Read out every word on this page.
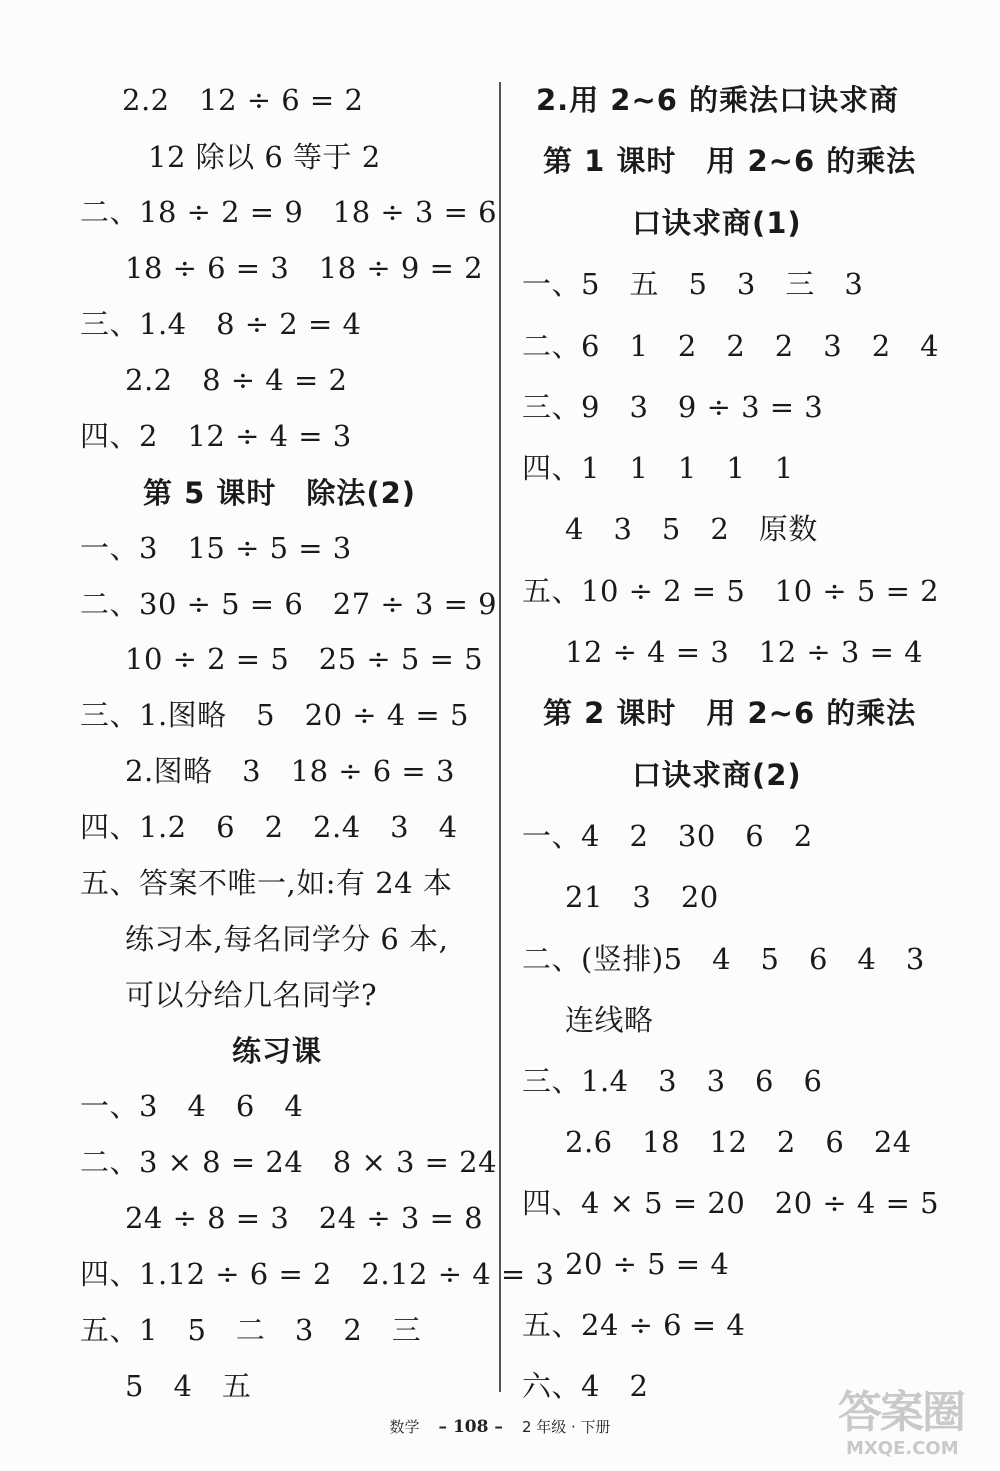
2.2　12 ÷ 6 = 2
12 除以 6 等于 2
二、18 ÷ 2 = 9　18 ÷ 3 = 6
18 ÷ 6 = 3　18 ÷ 9 = 2
三、1.4　8 ÷ 2 = 4
2.2　8 ÷ 4 = 2
四、2　12 ÷ 4 = 3
第 5 课时　除法(2)
一、3　15 ÷ 5 = 3
二、30 ÷ 5 = 6　27 ÷ 3 = 9
10 ÷ 2 = 5　25 ÷ 5 = 5
三、1.图略　5　20 ÷ 4 = 5
2.图略　3　18 ÷ 6 = 3
四、1.2　6　2　2.4　3　4
五、答案不唯一,如:有 24 本
练习本,每名同学分 6 本,
可以分给几名同学?
练习课
一、3　4　6　4
二、3 × 8 = 24　8 × 3 = 24
24 ÷ 8 = 3　24 ÷ 3 = 8
四、1.12 ÷ 6 = 2　2.12 ÷ 4 = 3
五、1　5　二　3　2　三
5　4　五
2.用 2~6 的乘法口诀求商
第 1 课时　用 2~6 的乘法
口诀求商(1)
一、5　五　5　3　三　3
二、6　1　2　2　2　3　2　4
三、9　3　9 ÷ 3 = 3
四、1　1　1　1　1
4　3　5　2　原数
五、10 ÷ 2 = 5　10 ÷ 5 = 2
12 ÷ 4 = 3　12 ÷ 3 = 4
第 2 课时　用 2~6 的乘法
口诀求商(2)
一、4　2　30　6　2
21　3　20
二、(竖排)5　4　5　6　4　3
连线略
三、1.4　3　3　6　6
2.6　18　12　2　6　24
四、4 × 5 = 20　20 ÷ 4 = 5
20 ÷ 5 = 4
五、24 ÷ 6 = 4
六、4　2
数学 – 108 – 2 年级 · 下册	答案圈
MXQE.COM
